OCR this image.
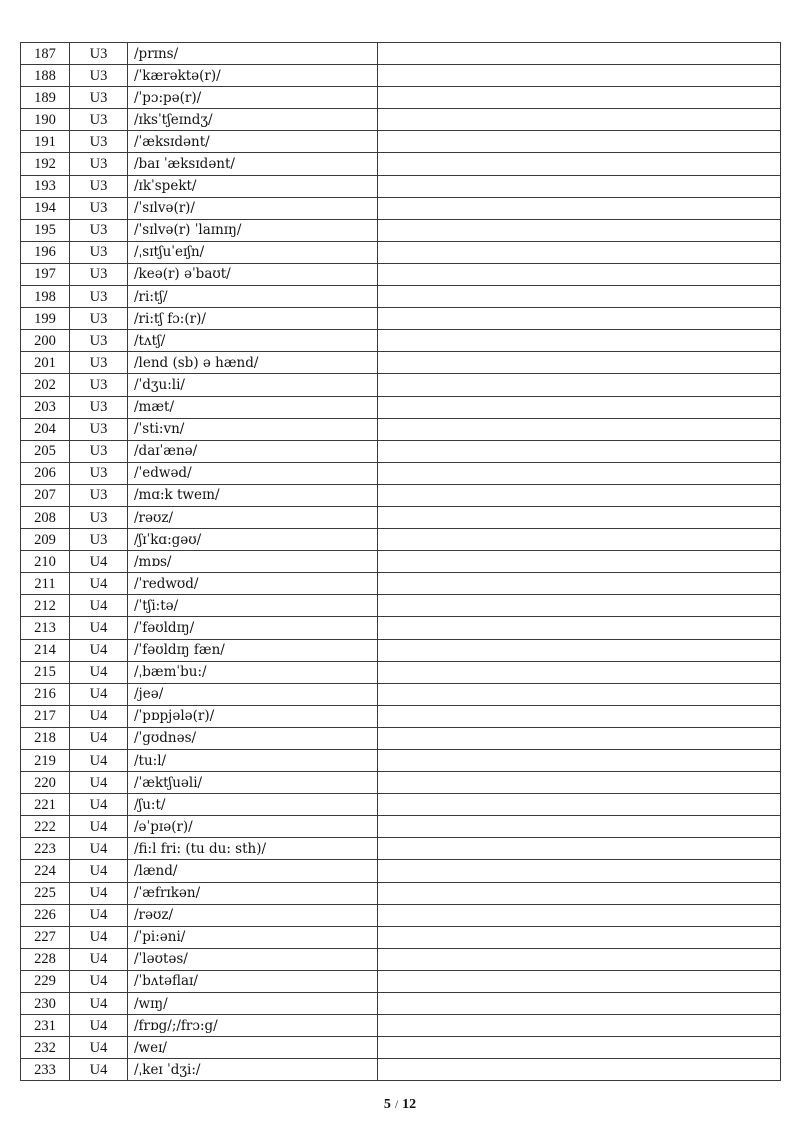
187	U3	/prɪns/	
188	U3	/ˈkærəktə(r)/	
189	U3	/ˈpɔ:pə(r)/	
190	U3	/ɪksˈtʃeɪndʒ/	
191	U3	/ˈæksɪdənt/	
192	U3	/baɪ ˈæksɪdənt/	
193	U3	/ɪkˈspekt/	
194	U3	/ˈsɪlvə(r)/	
195	U3	/ˈsɪlvə(r) ˈlaɪnɪŋ/	
196	U3	/ˌsɪtʃuˈeɪʃn/	
197	U3	/keə(r) əˈbaʊt/	
198	U3	/ri:tʃ/	
199	U3	/ri:tʃ fɔ:(r)/	
200	U3	/tʌtʃ/	
201	U3	/lend (sb) ə hænd/	
202	U3	/ˈdʒu:li/	
203	U3	/mæt/	
204	U3	/ˈsti:vn/	
205	U3	/daɪˈænə/	
206	U3	/ˈedwəd/	
207	U3	/mɑ:k tweɪn/	
208	U3	/rəʊz/	
209	U3	/ʃɪˈkɑ:gəʊ/	
210	U4	/mɒs/	
211	U4	/ˈredwʊd/	
212	U4	/ˈtʃi:tə/	
213	U4	/ˈfəʊldɪŋ/	
214	U4	/ˈfəʊldɪŋ fæn/	
215	U4	/ˌbæmˈbu:/	
216	U4	/jeə/	
217	U4	/ˈpɒpjələ(r)/	
218	U4	/ˈgʊdnəs/	
219	U4	/tu:l/	
220	U4	/ˈæktʃuəli/	
221	U4	/ʃu:t/	
222	U4	/əˈpɪə(r)/	
223	U4	/fi:l fri: (tu du: sth)/	
224	U4	/lænd/	
225	U4	/ˈæfrɪkən/	
226	U4	/rəʊz/	
227	U4	/ˈpi:əni/	
228	U4	/ˈləʊtəs/	
229	U4	/ˈbʌtəflaɪ/	
230	U4	/wɪŋ/	
231	U4	/frɒg/;/frɔ:g/	
232	U4	/weɪ/	
233	U4	/ˌkeɪ ˈdʒi:/	
5 / 12
